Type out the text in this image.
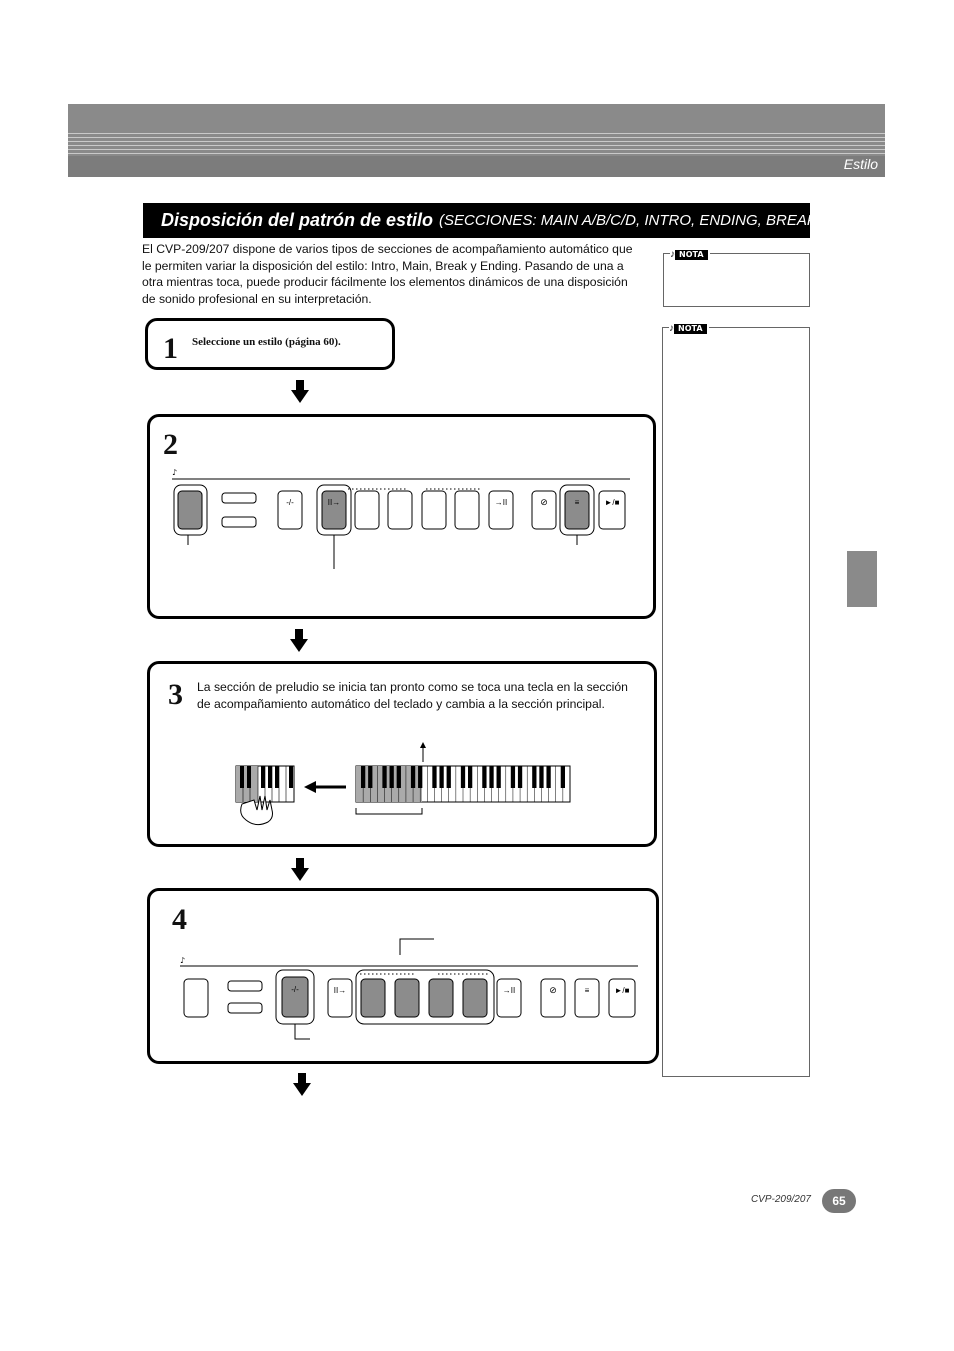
Estilo
Disposición del patrón de estilo (SECCIONES: MAIN A/B/C/D, INTRO, ENDING, BREAK)
El CVP-209/207 dispone de varios tipos de secciones de acompañamiento automático que le permiten variar la disposición del estilo: Intro, Main, Break y Ending. Pasando de una a otra mientras toca, puede producir fácilmente los elementos dinámicos de una disposición de sonido profesional en su interpretación.
♪ NOTA
♪ NOTA
1 Seleccione un estilo (página 60).
2
♪
-/-	II→	→II	⊘	≡	►/■
3 La sección de preludio se inicia tan pronto como se toca una tecla en la sección de acompañamiento automático del teclado y cambia a la sección principal.
4
♪
-/-	II→	→II	⊘	≡	►/■
CVP-209/207	65
